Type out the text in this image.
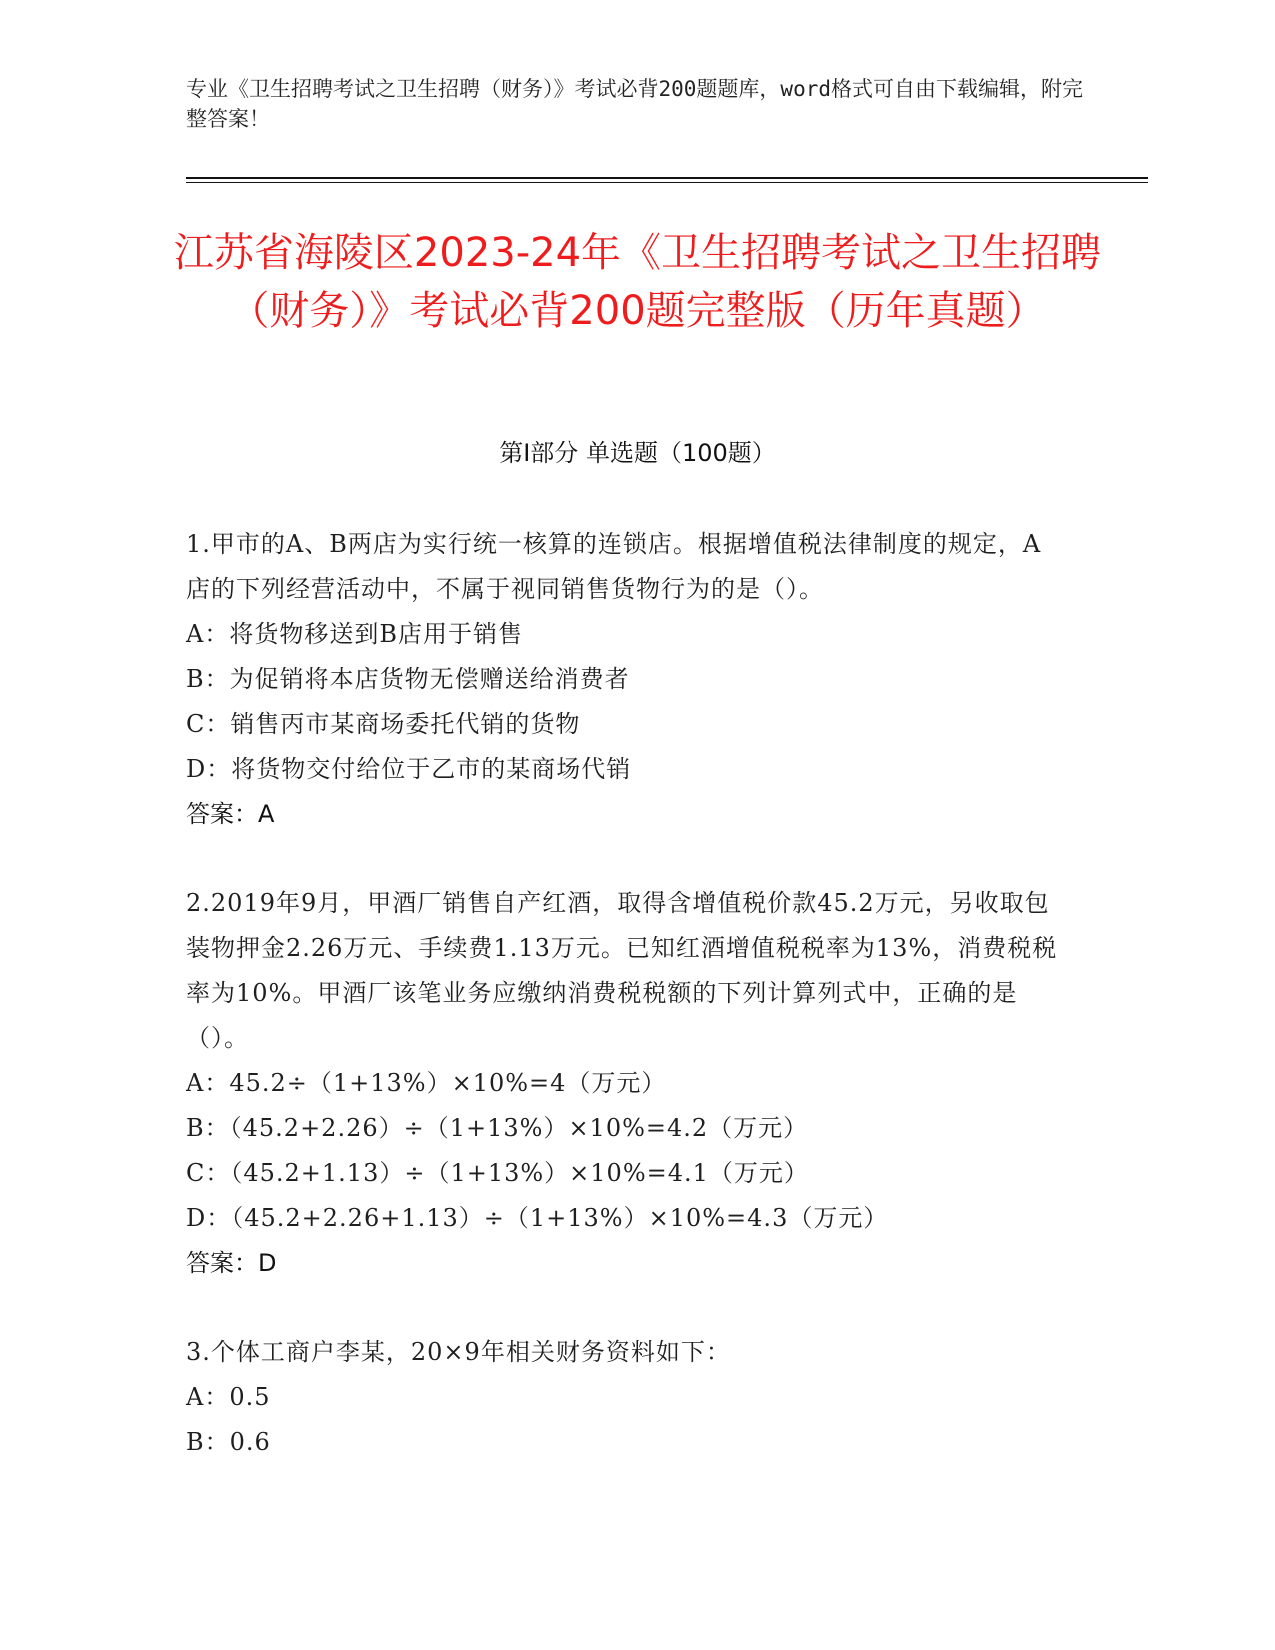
专业《卫生招聘考试之卫生招聘（财务）》考试必背200题题库，word格式可自由下载编辑，附完整答案！
江苏省海陵区2023-24年《卫生招聘考试之卫生招聘（财务）》考试必背200题完整版（历年真题）
第Ⅰ部分 单选题（100题）
1.甲市的A、B两店为实行统一核算的连锁店。根据增值税法律制度的规定，A店的下列经营活动中，不属于视同销售货物行为的是（）。
A：将货物移送到B店用于销售
B：为促销将本店货物无偿赠送给消费者
C：销售丙市某商场委托代销的货物
D：将货物交付给位于乙市的某商场代销
答案：A
2.2019年9月，甲酒厂销售自产红酒，取得含增值税价款45.2万元，另收取包装物押金2.26万元、手续费1.13万元。已知红酒增值税税率为13%，消费税税率为10%。甲酒厂该笔业务应缴纳消费税税额的下列计算列式中，正确的是（）。
A：45.2÷（1+13%）×10%=4（万元）
B：（45.2+2.26）÷（1+13%）×10%=4.2（万元）
C：（45.2+1.13）÷（1+13%）×10%=4.1（万元）
D：（45.2+2.26+1.13）÷（1+13%）×10%=4.3（万元）
答案：D
3.个体工商户李某，20×9年相关财务资料如下：
A：0.5
B：0.6
